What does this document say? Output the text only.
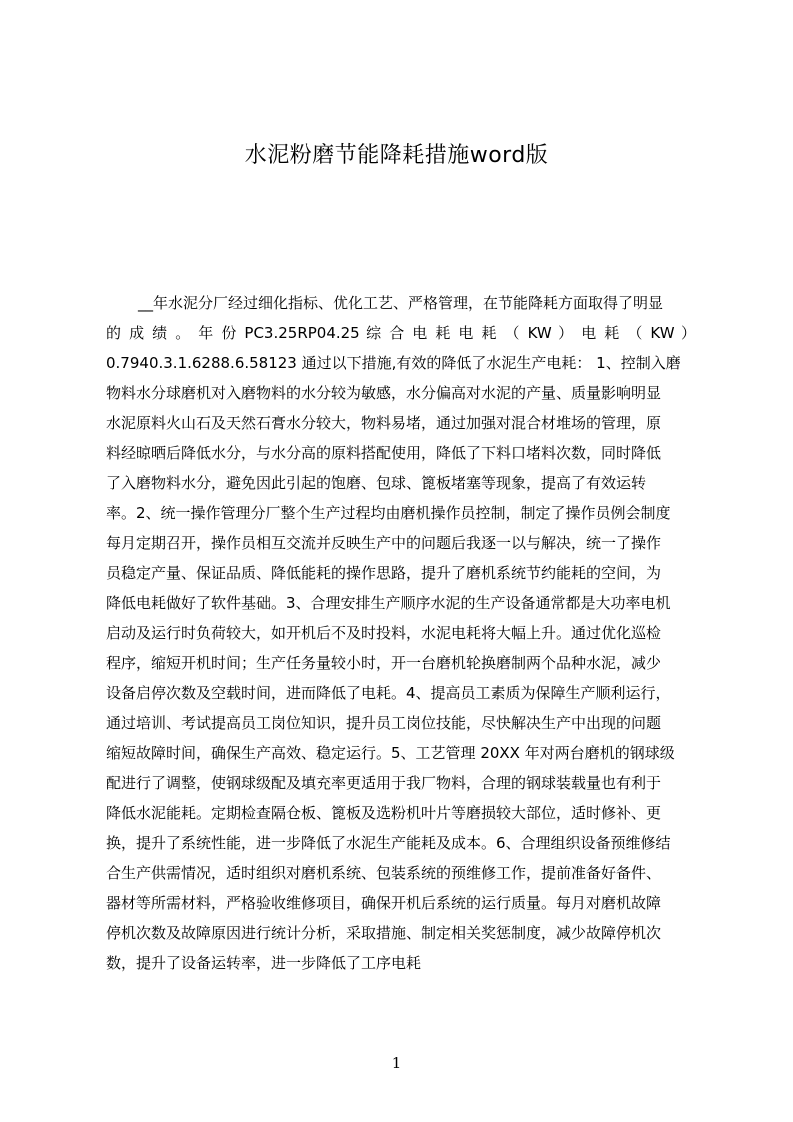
水泥粉磨节能降耗措施word版
__年水泥分厂经过细化指标、优化工艺、严格管理，在节能降耗方面取得了明显
的 成 绩 。 年 份 PC3.25RP04.25 综 合 电 耗 电 耗 （ KW ） 电 耗 （ KW ）
0.7940.3.1.6288.6.58123 通过以下措施,有效的降低了水泥生产电耗： 1、控制入磨
物料水分球磨机对入磨物料的水分较为敏感，水分偏高对水泥的产量、质量影响明显
水泥原料火山石及天然石膏水分较大，物料易堵，通过加强对混合材堆场的管理，原
料经晾晒后降低水分，与水分高的原料搭配使用，降低了下料口堵料次数，同时降低
了入磨物料水分，避免因此引起的饱磨、包球、篦板堵塞等现象，提高了有效运转
率。2、统一操作管理分厂整个生产过程均由磨机操作员控制，制定了操作员例会制度
每月定期召开，操作员相互交流并反映生产中的问题后我逐一以与解决，统一了操作
员稳定产量、保证品质、降低能耗的操作思路，提升了磨机系统节约能耗的空间，为
降低电耗做好了软件基础。3、合理安排生产顺序水泥的生产设备通常都是大功率电机
启动及运行时负荷较大，如开机后不及时投料，水泥电耗将大幅上升。通过优化巡检
程序，缩短开机时间；生产任务量较小时，开一台磨机轮换磨制两个品种水泥，减少
设备启停次数及空载时间，进而降低了电耗。4、提高员工素质为保障生产顺利运行，
通过培训、考试提高员工岗位知识，提升员工岗位技能，尽快解决生产中出现的问题
缩短故障时间，确保生产高效、稳定运行。5、工艺管理 20XX 年对两台磨机的钢球级
配进行了调整，使钢球级配及填充率更适用于我厂物料，合理的钢球装载量也有利于
降低水泥能耗。定期检查隔仓板、篦板及选粉机叶片等磨损较大部位，适时修补、更
换，提升了系统性能，进一步降低了水泥生产能耗及成本。6、合理组织设备预维修结
合生产供需情况，适时组织对磨机系统、包装系统的预维修工作，提前准备好备件、
器材等所需材料，严格验收维修项目，确保开机后系统的运行质量。每月对磨机故障
停机次数及故障原因进行统计分析，采取措施、制定相关奖惩制度，减少故障停机次
数，提升了设备运转率，进一步降低了工序电耗
1
